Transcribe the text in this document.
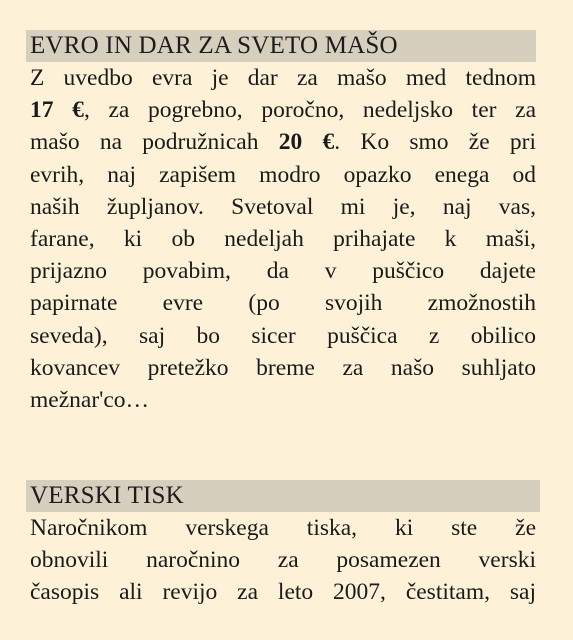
EVRO IN DAR ZA SVETO MAŠO

Z uvedbo evra je dar za mašo med tednom
17 €, za pogrebno, poročno, nedeljsko ter za
mašo na podružnicah 20 €. Ko smo že pri
evrih, naj zapišem modro opazko enega od
naših župljanov. Svetoval mi je, naj vas,
farane, ki ob nedeljah prihajate k maši,
prijazno povabim, da v puščico dajete
papirnate evre (po svojih zmožnostih
seveda), saj bo sicer puščica z obilico
kovancev pretežko breme za našo suhljato
mežnar'co…

VERSKI TISK

Naročnikom verskega tiska, ki ste že
obnovili naročnino za posamezen verski
časopis ali revijo za leto 2007, čestitam, saj
